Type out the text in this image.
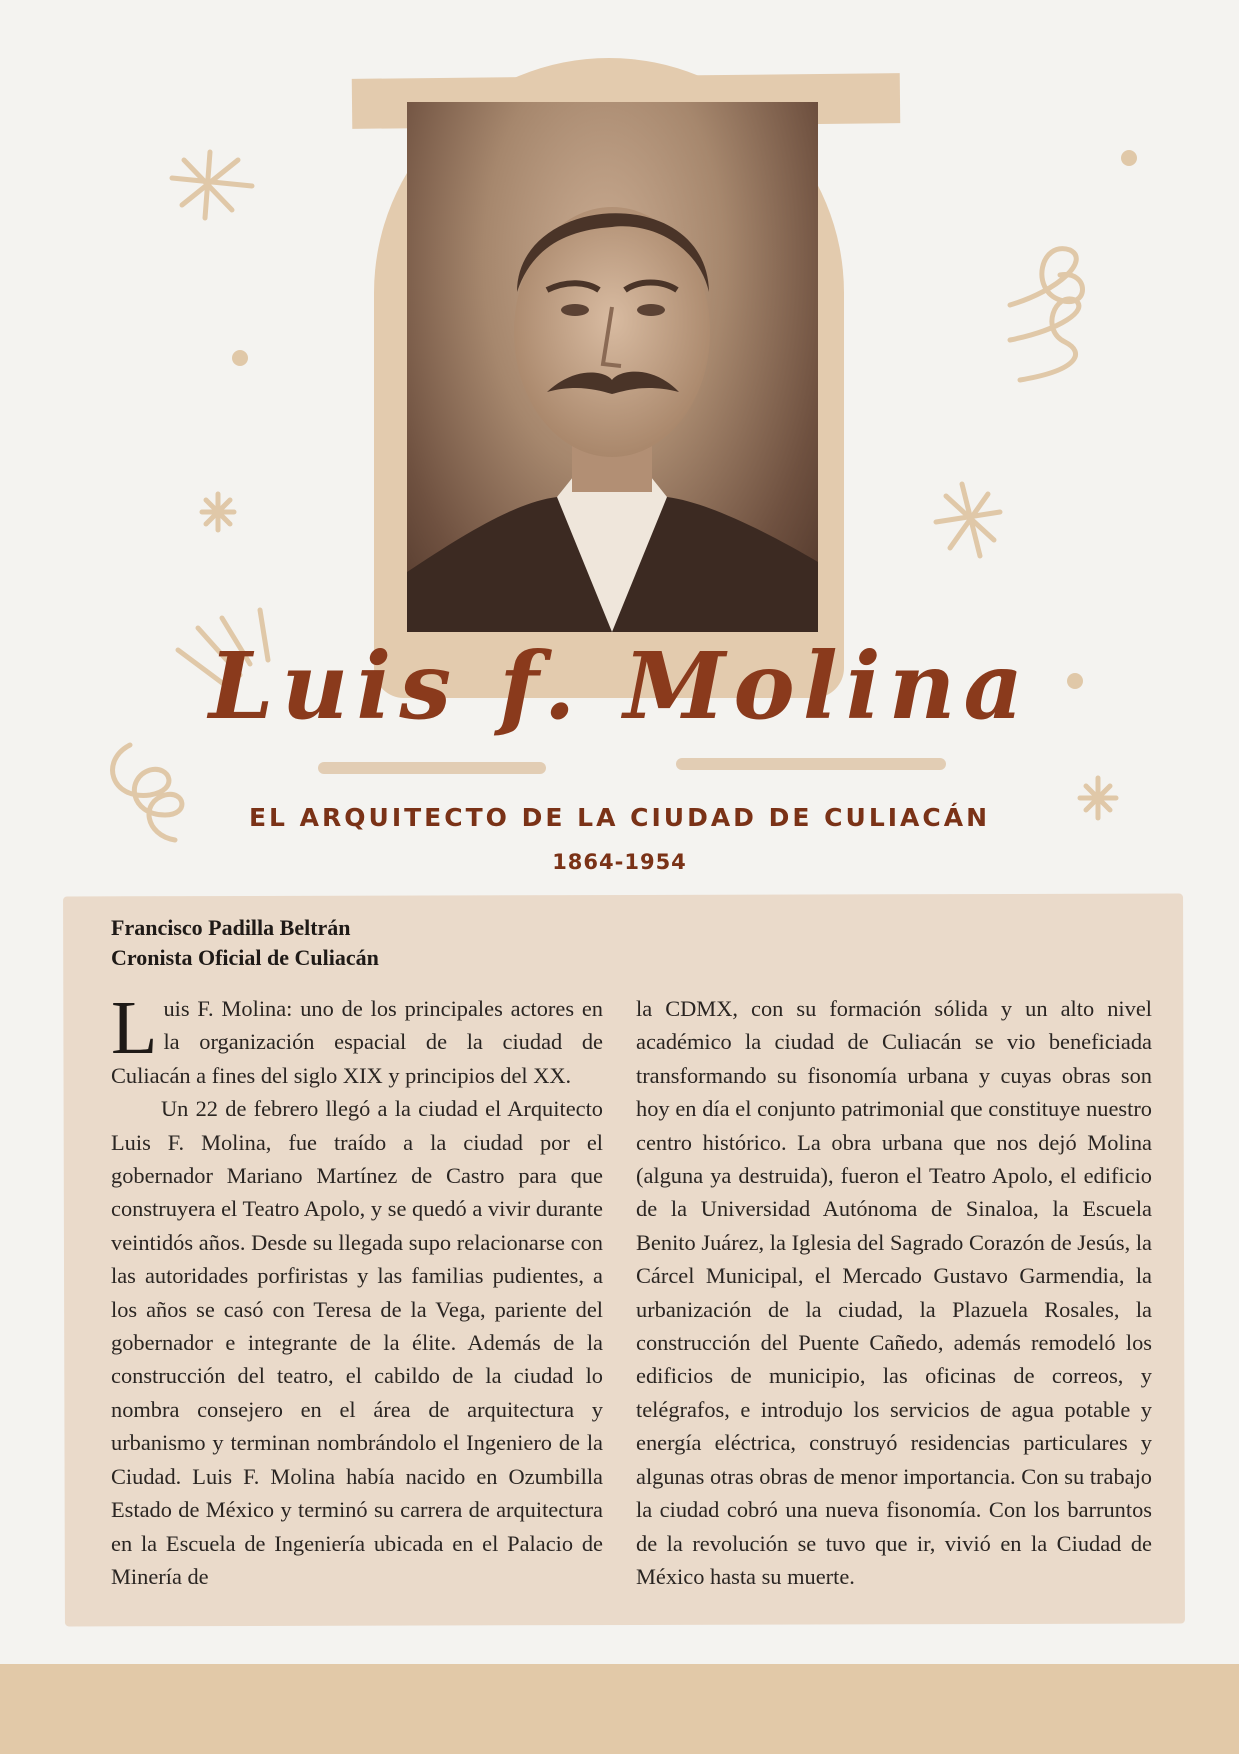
Luis f. Molina
EL ARQUITECTO DE LA CIUDAD DE CULIACÁN
1864-1954
Francisco Padilla Beltrán
Cronista Oficial de Culiacán

Luis F. Molina: uno de los principales actores en la organización espacial de la ciudad de Culiacán a fines del siglo XIX y principios del XX.

Un 22 de febrero llegó a la ciudad el Arquitecto Luis F. Molina, fue traído a la ciudad por el gobernador Mariano Martínez de Castro para que construyera el Teatro Apolo, y se quedó a vivir durante veintidós años. Desde su llegada supo relacionarse con las autoridades porfiristas y las familias pudientes, a los años se casó con Teresa de la Vega, pariente del gobernador e integrante de la élite. Además de la construcción del teatro, el cabildo de la ciudad lo nombra consejero en el área de arquitectura y urbanismo y terminan nombrándolo el Ingeniero de la Ciudad. Luis F. Molina había nacido en Ozumbilla Estado de México y terminó su carrera de arquitectura en la Escuela de Ingeniería ubicada en el Palacio de Minería de

la CDMX, con su formación sólida y un alto nivel académico la ciudad de Culiacán se vio beneficiada transformando su fisonomía urbana y cuyas obras son hoy en día el conjunto patrimonial que constituye nuestro centro histórico. La obra urbana que nos dejó Molina (alguna ya destruida), fueron el Teatro Apolo, el edificio de la Universidad Autónoma de Sinaloa, la Escuela Benito Juárez, la Iglesia del Sagrado Corazón de Jesús, la Cárcel Municipal, el Mercado Gustavo Garmendia, la urbanización de la ciudad, la Plazuela Rosales, la construcción del Puente Cañedo, además remodeló los edificios de municipio, las oficinas de correos, y telégrafos, e introdujo los servicios de agua potable y energía eléctrica, construyó residencias particulares y algunas otras obras de menor importancia. Con su trabajo la ciudad cobró una nueva fisonomía. Con los barruntos de la revolución se tuvo que ir, vivió en la Ciudad de México hasta su muerte.
